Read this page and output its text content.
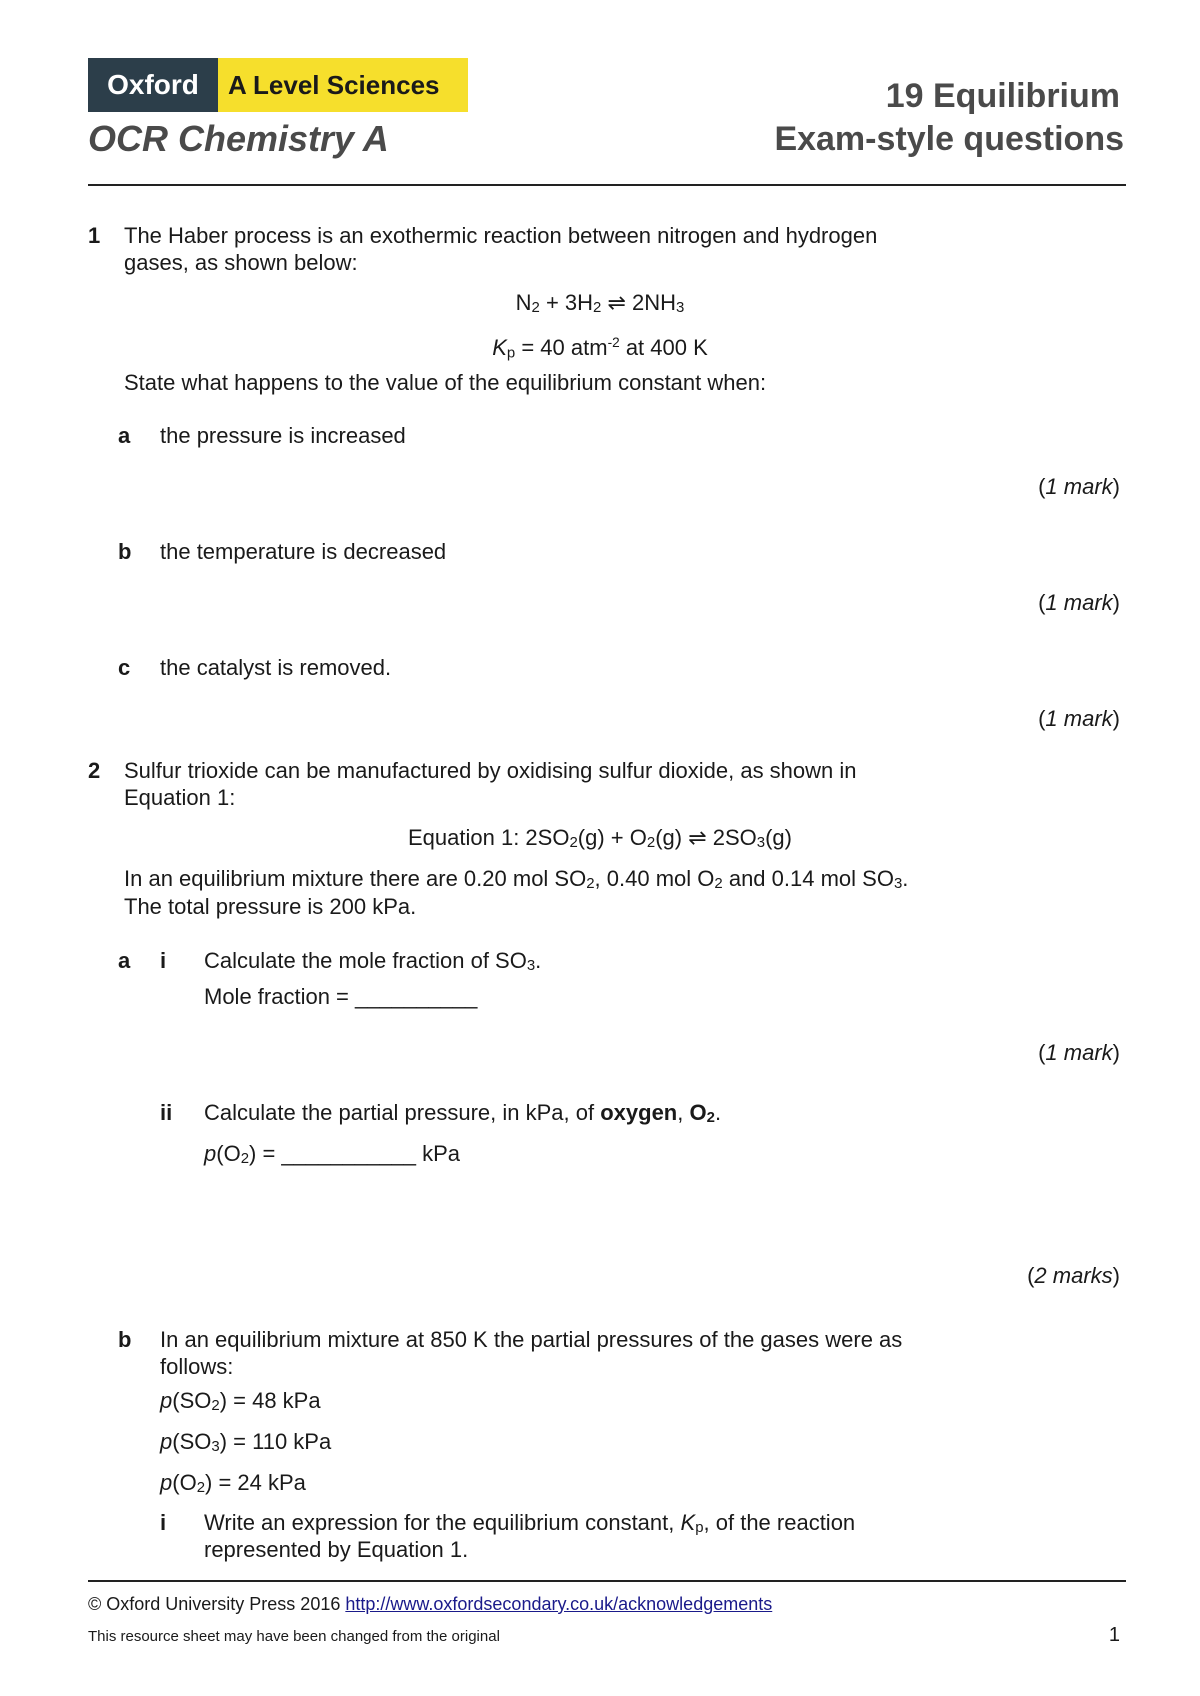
Oxford	A Level Sciences
OCR Chemistry A
19 Equilibrium
Exam-style questions
1 The Haber process is an exothermic reaction between nitrogen and hydrogen
gases, as shown below:
N2 + 3H2 ⇌ 2NH3
Kp = 40 atm$^{-2}$ at 400 K
State what happens to the value of the equilibrium constant when:
a the pressure is increased
(1 mark)
b the temperature is decreased
(1 mark)
c the catalyst is removed.
(1 mark)
2 Sulfur trioxide can be manufactured by oxidising sulfur dioxide, as shown in
Equation 1:
Equation 1: 2SO2(g) + O2(g) ⇌ 2SO3(g)
In an equilibrium mixture there are 0.20 mol SO2, 0.40 mol O2 and 0.14 mol SO3.
The total pressure is 200 kPa.
a i Calculate the mole fraction of SO3.
Mole fraction = __________
(1 mark)
ii Calculate the partial pressure, in kPa, of oxygen, O2.
p(O2) = ___________ kPa
(2 marks)
b In an equilibrium mixture at 850 K the partial pressures of the gases were as
follows:
p(SO2) = 48 kPa
p(SO3) = 110 kPa
p(O2) = 24 kPa
i Write an expression for the equilibrium constant, Kp, of the reaction
represented by Equation 1.
© Oxford University Press 2016 http://www.oxfordsecondary.co.uk/acknowledgements
This resource sheet may have been changed from the original	1
